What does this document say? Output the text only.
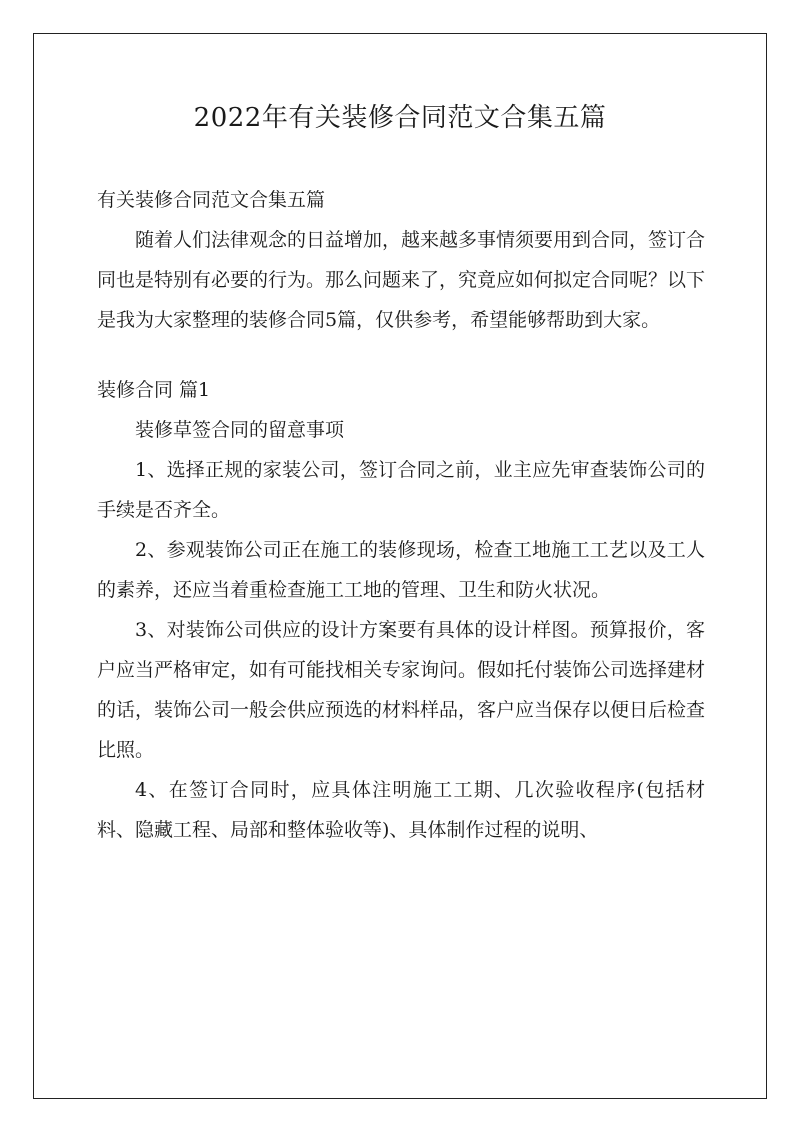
2022年有关装修合同范文合集五篇

有关装修合同范文合集五篇

随着人们法律观念的日益增加，越来越多事情须要用到合同，签订合同也是特别有必要的行为。那么问题来了，究竟应如何拟定合同呢？以下是我为大家整理的装修合同5篇，仅供参考，希望能够帮助到大家。

装修合同 篇1

装修草签合同的留意事项

1、选择正规的家装公司，签订合同之前，业主应先审查装饰公司的手续是否齐全。

2、参观装饰公司正在施工的装修现场，检查工地施工工艺以及工人的素养，还应当着重检查施工工地的管理、卫生和防火状况。

3、对装饰公司供应的设计方案要有具体的设计样图。预算报价，客户应当严格审定，如有可能找相关专家询问。假如托付装饰公司选择建材的话，装饰公司一般会供应预选的材料样品，客户应当保存以便日后检查比照。

4、在签订合同时，应具体注明施工工期、几次验收程序(包括材料、隐藏工程、局部和整体验收等)、具体制作过程的说明、
